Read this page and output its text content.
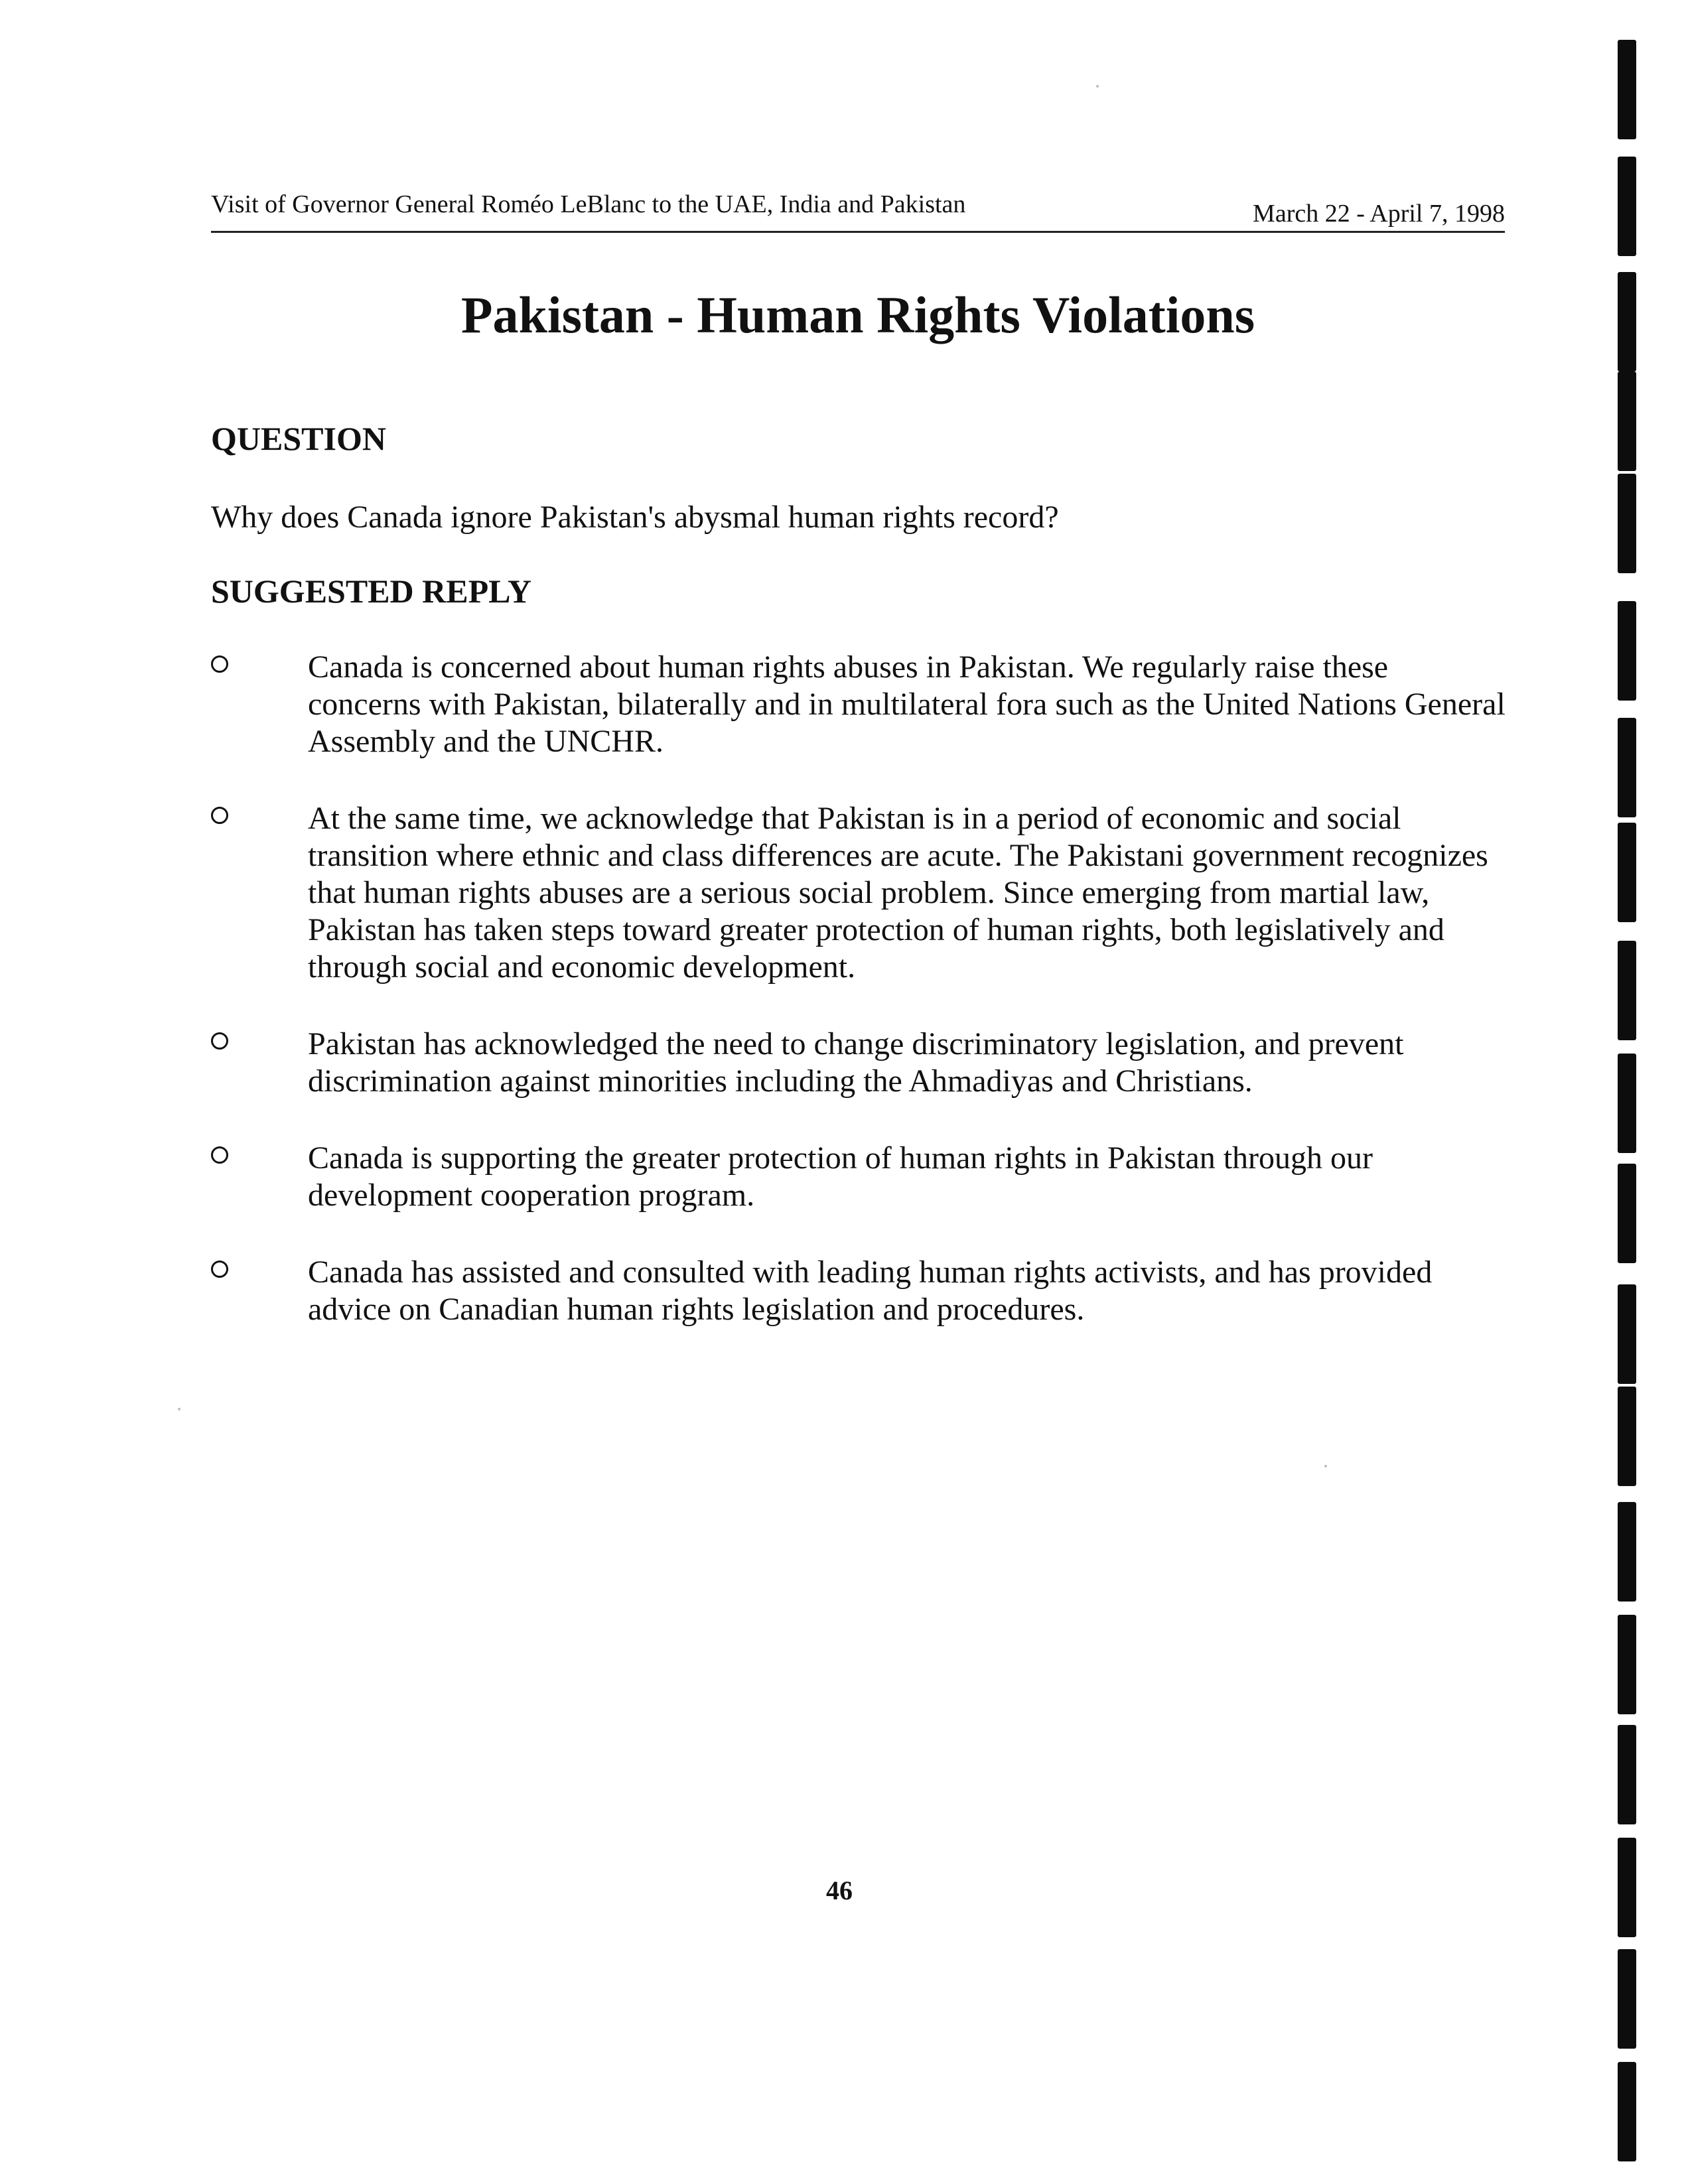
Visit of Governor General Roméo LeBlanc to the UAE, India and Pakistan	March 22 - April 7, 1998
Pakistan - Human Rights Violations
QUESTION
Why does Canada ignore Pakistan's abysmal human rights record?
SUGGESTED REPLY
Canada is concerned about human rights abuses in Pakistan. We regularly raise these concerns with Pakistan, bilaterally and in multilateral fora such as the United Nations General Assembly and the UNCHR.
At the same time, we acknowledge that Pakistan is in a period of economic and social transition where ethnic and class differences are acute. The Pakistani government recognizes that human rights abuses are a serious social problem. Since emerging from martial law, Pakistan has taken steps toward greater protection of human rights, both legislatively and through social and economic development.
Pakistan has acknowledged the need to change discriminatory legislation, and prevent discrimination against minorities including the Ahmadiyas and Christians.
Canada is supporting the greater protection of human rights in Pakistan through our development cooperation program.
Canada has assisted and consulted with leading human rights activists, and has provided advice on Canadian human rights legislation and procedures.
46
